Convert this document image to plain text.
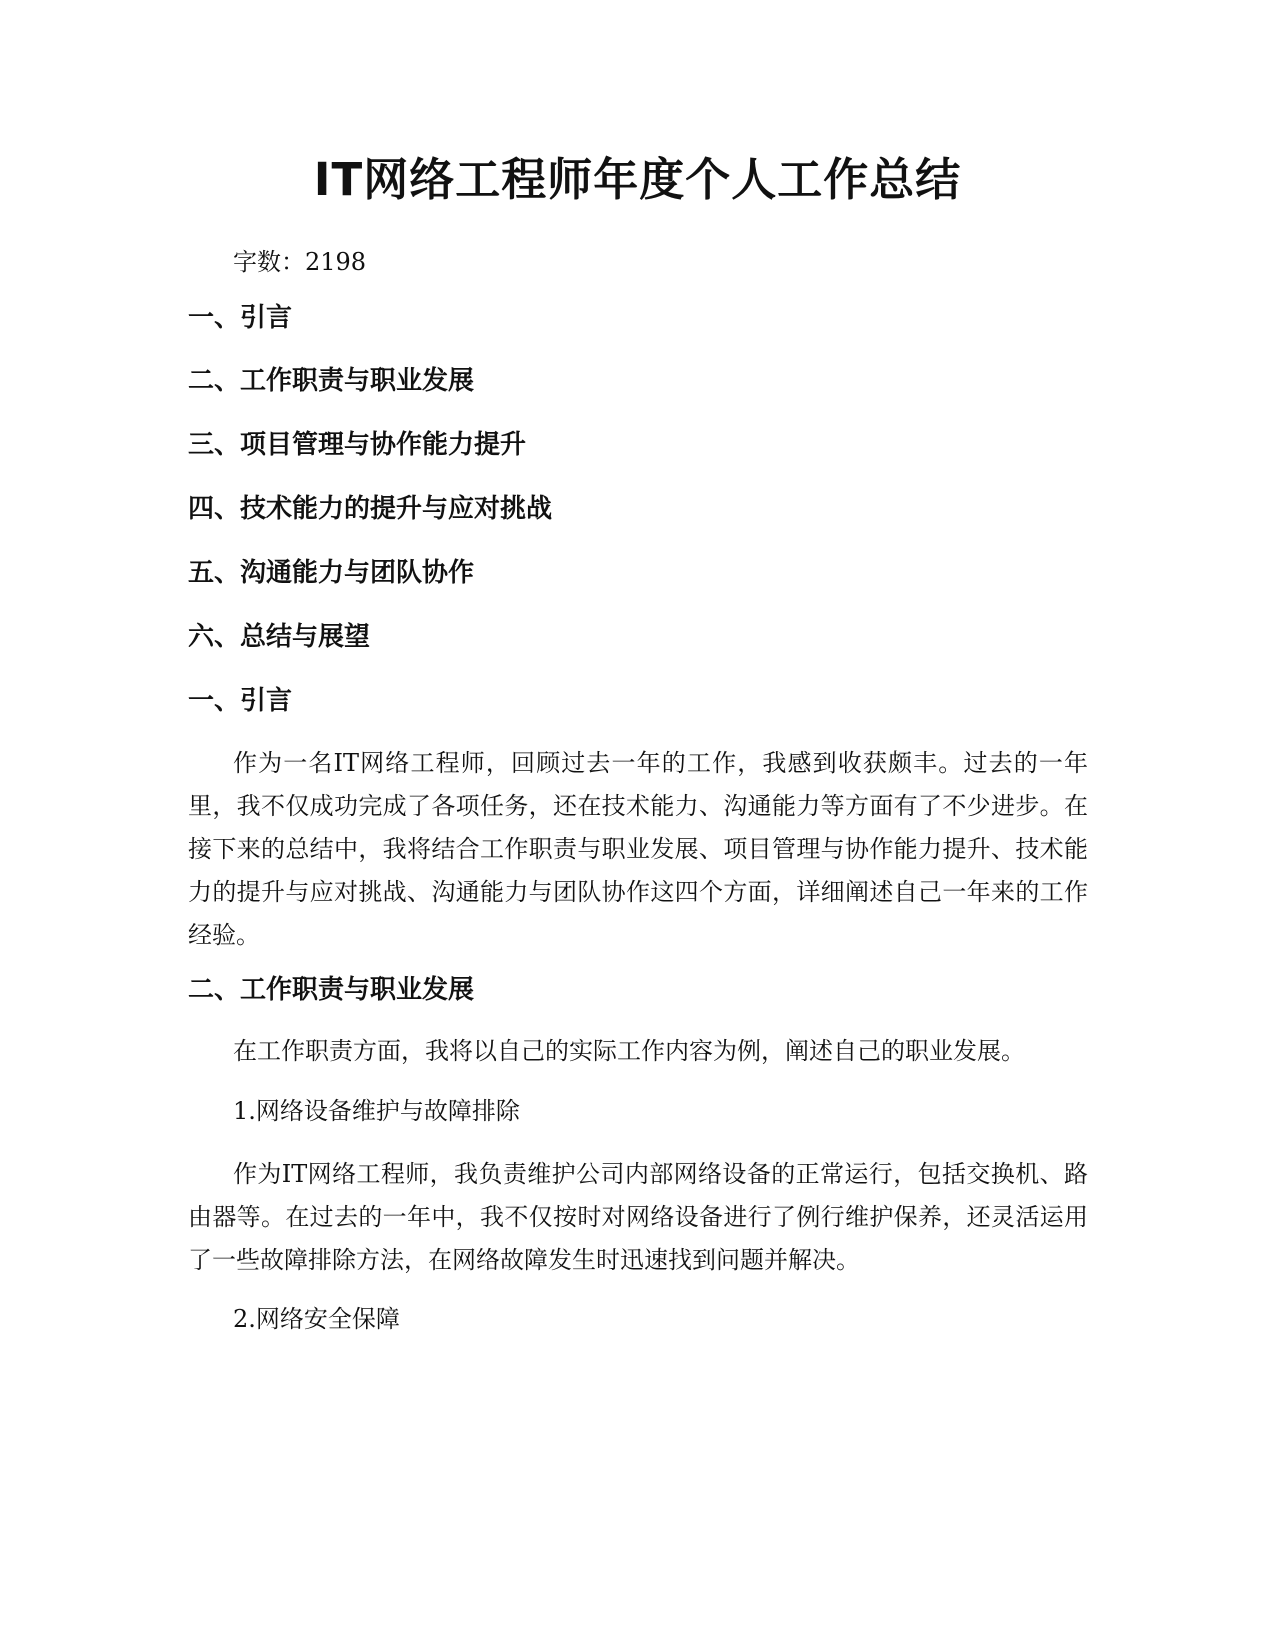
IT网络工程师年度个人工作总结
字数：2198
一、引言
二、工作职责与职业发展
三、项目管理与协作能力提升
四、技术能力的提升与应对挑战
五、沟通能力与团队协作
六、总结与展望
一、引言
作为一名IT网络工程师，回顾过去一年的工作，我感到收获颇丰。过去的一年里，我不仅成功完成了各项任务，还在技术能力、沟通能力等方面有了不少进步。在接下来的总结中，我将结合工作职责与职业发展、项目管理与协作能力提升、技术能力的提升与应对挑战、沟通能力与团队协作这四个方面，详细阐述自己一年来的工作经验。
二、工作职责与职业发展
在工作职责方面，我将以自己的实际工作内容为例，阐述自己的职业发展。
1.网络设备维护与故障排除
作为IT网络工程师，我负责维护公司内部网络设备的正常运行，包括交换机、路由器等。在过去的一年中，我不仅按时对网络设备进行了例行维护保养，还灵活运用了一些故障排除方法，在网络故障发生时迅速找到问题并解决。
2.网络安全保障
